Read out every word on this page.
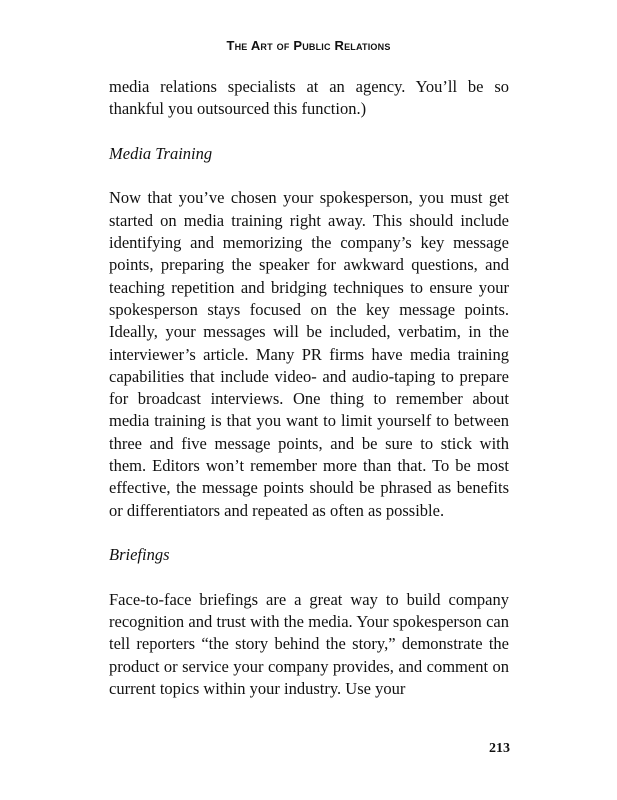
The Art of Public Relations

media relations specialists at an agency. You’ll be so thankful you outsourced this function.)

Media Training

Now that you’ve chosen your spokesperson, you must get started on media training right away. This should include identifying and memorizing the company’s key message points, preparing the speaker for awkward questions, and teaching repetition and bridging techniques to ensure your spokesperson stays focused on the key message points. Ideally, your messages will be included, verbatim, in the interviewer’s article. Many PR firms have media training capabilities that include video- and audio-taping to prepare for broadcast interviews. One thing to remember about media training is that you want to limit yourself to between three and five message points, and be sure to stick with them. Editors won’t remember more than that. To be most effective, the message points should be phrased as benefits or differentiators and repeated as often as possible.

Briefings

Face-to-face briefings are a great way to build company recognition and trust with the media. Your spokesperson can tell reporters “the story behind the story,” demonstrate the product or service your company provides, and comment on current topics within your industry. Use your

213
